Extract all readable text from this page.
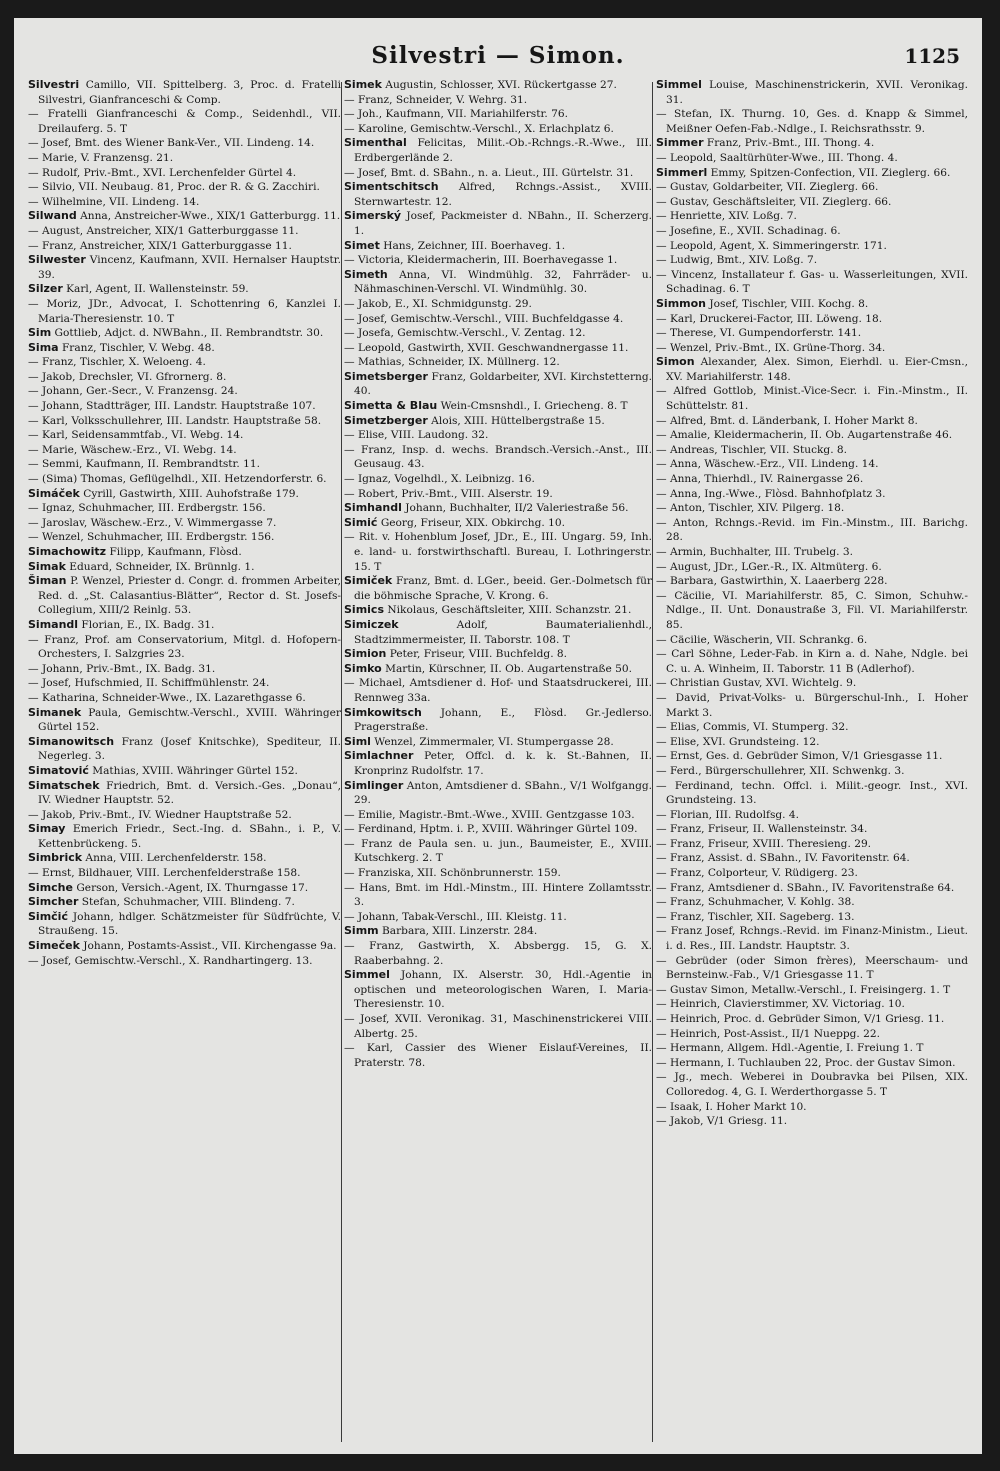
Silvestri — Simon.	1125

Silvestri Camillo, VII. Spittelberg. 3, Proc. d. Fratelli Silvestri, Gianfranceschi & Comp.

— Fratelli Gianfranceschi & Comp., Seidenhdl., VII. Dreilauferg. 5. T

— Josef, Bmt. des Wiener Bank-Ver., VII. Lindeng. 14.

— Marie, V. Franzensg. 21.

— Rudolf, Priv.-Bmt., XVI. Lerchenfelder Gürtel 4.

— Silvio, VII. Neubaug. 81, Proc. der R. & G. Zacchiri.

— Wilhelmine, VII. Lindeng. 14.

Silwand Anna, Anstreicher-Wwe., XIX/1 Gatterburgg. 11.

— August, Anstreicher, XIX/1 Gatterburggasse 11.

— Franz, Anstreicher, XIX/1 Gatterburggasse 11.

Silwester Vincenz, Kaufmann, XVII. Hernalser Hauptstr. 39.

Silzer Karl, Agent, II. Wallensteinstr. 59.

— Moriz, JDr., Advocat, I. Schottenring 6, Kanzlei I. Maria-Theresienstr. 10. T

Sim Gottlieb, Adjct. d. NWBahn., II. Rembrandtstr. 30.

Sima Franz, Tischler, V. Webg. 48.

— Franz, Tischler, X. Weloeng. 4.

— Jakob, Drechsler, VI. Gfrornerg. 8.

— Johann, Ger.-Secr., V. Franzensg. 24.

— Johann, Stadtträger, III. Landstr. Hauptstraße 107.

— Karl, Volksschullehrer, III. Landstr. Hauptstraße 58.

— Karl, Seidensammtfab., VI. Webg. 14.

— Marie, Wäschew.-Erz., VI. Webg. 14.

— Semmi, Kaufmann, II. Rembrandtstr. 11.

— (Sima) Thomas, Geflügelhdl., XII. Hetzendorferstr. 6.

Simáček Cyrill, Gastwirth, XIII. Auhofstraße 179.

— Ignaz, Schuhmacher, III. Erdbergstr. 156.

— Jaroslav, Wäschew.-Erz., V. Wimmergasse 7.

— Wenzel, Schuhmacher, III. Erdbergstr. 156.

Simachowitz Filipp, Kaufmann, Flòsd.

Simak Eduard, Schneider, IX. Brünnlg. 1.

Šiman P. Wenzel, Priester d. Congr. d. frommen Arbeiter, Red. d. „St. Calasantius-Blätter“, Rector d. St. Josefs-Collegium, XIII/2 Reinlg. 53.

Simandl Florian, E., IX. Badg. 31.

— Franz, Prof. am Conservatorium, Mitgl. d. Hofopern-Orchesters, I. Salzgries 23.

— Johann, Priv.-Bmt., IX. Badg. 31.

— Josef, Hufschmied, II. Schiffmühlenstr. 24.

— Katharina, Schneider-Wwe., IX. Lazarethgasse 6.

Simanek Paula, Gemischtw.-Verschl., XVIII. Währinger Gürtel 152.

Simanowitsch Franz (Josef Knitschke), Spediteur, II. Negerleg. 3.

Simatović Mathias, XVIII. Währinger Gürtel 152.

Simatschek Friedrich, Bmt. d. Versich.-Ges. „Donau“, IV. Wiedner Hauptstr. 52.

— Jakob, Priv.-Bmt., IV. Wiedner Hauptstraße 52.

Simay Emerich Friedr., Sect.-Ing. d. SBahn., i. P., V. Kettenbrückeng. 5.

Simbrick Anna, VIII. Lerchenfelderstr. 158.

— Ernst, Bildhauer, VIII. Lerchenfelderstraße 158.

Simche Gerson, Versich.-Agent, IX. Thurngasse 17.

Simcher Stefan, Schuhmacher, VIII. Blindeng. 7.

Simčić Johann, hdlger. Schätzmeister für Südfrüchte, V. Straußeng. 15.

Simeček Johann, Postamts-Assist., VII. Kirchengasse 9a.

— Josef, Gemischtw.-Verschl., X. Randhartingerg. 13.

Simek Augustin, Schlosser, XVI. Rückertgasse 27.

— Franz, Schneider, V. Wehrg. 31.

— Joh., Kaufmann, VII. Mariahilferstr. 76.

— Karoline, Gemischtw.-Verschl., X. Erlachplatz 6.

Simenthal Felicitas, Milit.-Ob.-Rchngs.-R.-Wwe., III. Erdbergerlände 2.

— Josef, Bmt. d. SBahn., n. a. Lieut., III. Gürtelstr. 31.

Simentschitsch Alfred, Rchngs.-Assist., XVIII. Sternwartestr. 12.

Simerský Josef, Packmeister d. NBahn., II. Scherzerg. 1.

Simet Hans, Zeichner, III. Boerhaveg. 1.

— Victoria, Kleidermacherin, III. Boerhavegasse 1.

Simeth Anna, VI. Windmühlg. 32, Fahrräder- u. Nähmaschinen-Verschl. VI. Windmühlg. 30.

— Jakob, E., XI. Schmidgunstg. 29.

— Josef, Gemischtw.-Verschl., VIII. Buchfeldgasse 4.

— Josefa, Gemischtw.-Verschl., V. Zentag. 12.

— Leopold, Gastwirth, XVII. Geschwandnergasse 11.

— Mathias, Schneider, IX. Müllnerg. 12.

Simetsberger Franz, Goldarbeiter, XVI. Kirchstetterng. 40.

Simetta & Blau Wein-Cmsnshdl., I. Griecheng. 8. T

Simetzberger Alois, XIII. Hüttelbergstraße 15.

— Elise, VIII. Laudong. 32.

— Franz, Insp. d. wechs. Brandsch.-Versich.-Anst., III. Geusaug. 43.

— Ignaz, Vogelhdl., X. Leibnizg. 16.

— Robert, Priv.-Bmt., VIII. Alserstr. 19.

Simhandl Johann, Buchhalter, II/2 Valeriestraße 56.

Simić Georg, Friseur, XIX. Obkirchg. 10.

— Rit. v. Hohenblum Josef, JDr., E., III. Ungarg. 59, Inh. e. land- u. forstwirthschaftl. Bureau, I. Lothringerstr. 15. T

Simiček Franz, Bmt. d. LGer., beeid. Ger.-Dolmetsch für die böhmische Sprache, V. Krong. 6.

Simics Nikolaus, Geschäftsleiter, XIII. Schanzstr. 21.

Simiczek Adolf, Baumaterialienhdl., Stadtzimmermeister, II. Taborstr. 108. T

Simion Peter, Friseur, VIII. Buchfeldg. 8.

Simko Martin, Kürschner, II. Ob. Augartenstraße 50.

— Michael, Amtsdiener d. Hof- und Staatsdruckerei, III. Rennweg 33a.

Simkowitsch Johann, E., Flòsd. Gr.-Jedlerso. Pragerstraße.

Siml Wenzel, Zimmermaler, VI. Stumpergasse 28.

Simlachner Peter, Offcl. d. k. k. St.-Bahnen, II. Kronprinz Rudolfstr. 17.

Simlinger Anton, Amtsdiener d. SBahn., V/1 Wolfgangg. 29.

— Emilie, Magistr.-Bmt.-Wwe., XVIII. Gentzgasse 103.

— Ferdinand, Hptm. i. P., XVIII. Währinger Gürtel 109.

— Franz de Paula sen. u. jun., Baumeister, E., XVIII. Kutschkerg. 2. T

— Franziska, XII. Schönbrunnerstr. 159.

— Hans, Bmt. im Hdl.-Minstm., III. Hintere Zollamtsstr. 3.

— Johann, Tabak-Verschl., III. Kleistg. 11.

Simm Barbara, XIII. Linzerstr. 284.

— Franz, Gastwirth, X. Absbergg. 15, G. X. Raaberbahng. 2.

Simmel Johann, IX. Alserstr. 30, Hdl.-Agentie in optischen und meteorologischen Waren, I. Maria-Theresienstr. 10.

— Josef, XVII. Veronikag. 31, Maschinenstrickerei VIII. Albertg. 25.

— Karl, Cassier des Wiener Eislauf-Vereines, II. Praterstr. 78.

Simmel Louise, Maschinenstrickerin, XVII. Veronikag. 31.

— Stefan, IX. Thurng. 10, Ges. d. Knapp & Simmel, Meißner Oefen-Fab.-Ndlge., I. Reichsrathsstr. 9.

Simmer Franz, Priv.-Bmt., III. Thong. 4.

— Leopold, Saaltürhüter-Wwe., III. Thong. 4.

Simmerl Emmy, Spitzen-Confection, VII. Zieglerg. 66.

— Gustav, Goldarbeiter, VII. Zieglerg. 66.

— Gustav, Geschäftsleiter, VII. Zieglerg. 66.

— Henriette, XIV. Loßg. 7.

— Josefine, E., XVII. Schadinag. 6.

— Leopold, Agent, X. Simmeringerstr. 171.

— Ludwig, Bmt., XIV. Loßg. 7.

— Vincenz, Installateur f. Gas- u. Wasserleitungen, XVII. Schadinag. 6. T

Simmon Josef, Tischler, VIII. Kochg. 8.

— Karl, Druckerei-Factor, III. Löweng. 18.

— Therese, VI. Gumpendorferstr. 141.

— Wenzel, Priv.-Bmt., IX. Grüne-Thorg. 34.

Simon Alexander, Alex. Simon, Eierhdl. u. Eier-Cmsn., XV. Mariahilferstr. 148.

— Alfred Gottlob, Minist.-Vice-Secr. i. Fin.-Minstm., II. Schüttelstr. 81.

— Alfred, Bmt. d. Länderbank, I. Hoher Markt 8.

— Amalie, Kleidermacherin, II. Ob. Augartenstraße 46.

— Andreas, Tischler, VII. Stuckg. 8.

— Anna, Wäschew.-Erz., VII. Lindeng. 14.

— Anna, Thierhdl., IV. Rainergasse 26.

— Anna, Ing.-Wwe., Flòsd. Bahnhofplatz 3.

— Anton, Tischler, XIV. Pilgerg. 18.

— Anton, Rchngs.-Revid. im Fin.-Minstm., III. Barichg. 28.

— Armin, Buchhalter, III. Trubelg. 3.

— August, JDr., LGer.-R., IX. Altmüterg. 6.

— Barbara, Gastwirthin, X. Laaerberg 228.

— Cäcilie, VI. Mariahilferstr. 85, C. Simon, Schuhw.-Ndlge., II. Unt. Donaustraße 3, Fil. VI. Mariahilferstr. 85.

— Cäcilie, Wäscherin, VII. Schrankg. 6.

— Carl Söhne, Leder-Fab. in Kirn a. d. Nahe, Ndgle. bei C. u. A. Winheim, II. Taborstr. 11 B (Adlerhof).

— Christian Gustav, XVI. Wichtelg. 9.

— David, Privat-Volks- u. Bürgerschul-Inh., I. Hoher Markt 3.

— Elias, Commis, VI. Stumperg. 32.

— Elise, XVI. Grundsteing. 12.

— Ernst, Ges. d. Gebrüder Simon, V/1 Griesgasse 11.

— Ferd., Bürgerschullehrer, XII. Schwenkg. 3.

— Ferdinand, techn. Offcl. i. Milit.-geogr. Inst., XVI. Grundsteing. 13.

— Florian, III. Rudolfsg. 4.

— Franz, Friseur, II. Wallensteinstr. 34.

— Franz, Friseur, XVIII. Theresieng. 29.

— Franz, Assist. d. SBahn., IV. Favoritenstr. 64.

— Franz, Colporteur, V. Rüdigerg. 23.

— Franz, Amtsdiener d. SBahn., IV. Favoritenstraße 64.

— Franz, Schuhmacher, V. Kohlg. 38.

— Franz, Tischler, XII. Sageberg. 13.

— Franz Josef, Rchngs.-Revid. im Finanz-Ministm., Lieut. i. d. Res., III. Landstr. Hauptstr. 3.

— Gebrüder (oder Simon frères), Meerschaum- und Bernsteinw.-Fab., V/1 Griesgasse 11. T

— Gustav Simon, Metallw.-Verschl., I. Freisingerg. 1. T

— Heinrich, Clavierstimmer, XV. Victoriag. 10.

— Heinrich, Proc. d. Gebrüder Simon, V/1 Griesg. 11.

— Heinrich, Post-Assist., II/1 Nueppg. 22.

— Hermann, Allgem. Hdl.-Agentie, I. Freiung 1. T

— Hermann, I. Tuchlauben 22, Proc. der Gustav Simon.

— Jg., mech. Weberei in Doubravka bei Pilsen, XIX. Colloredog. 4, G. I. Werderthorgasse 5. T

— Isaak, I. Hoher Markt 10.

— Jakob, V/1 Griesg. 11.
